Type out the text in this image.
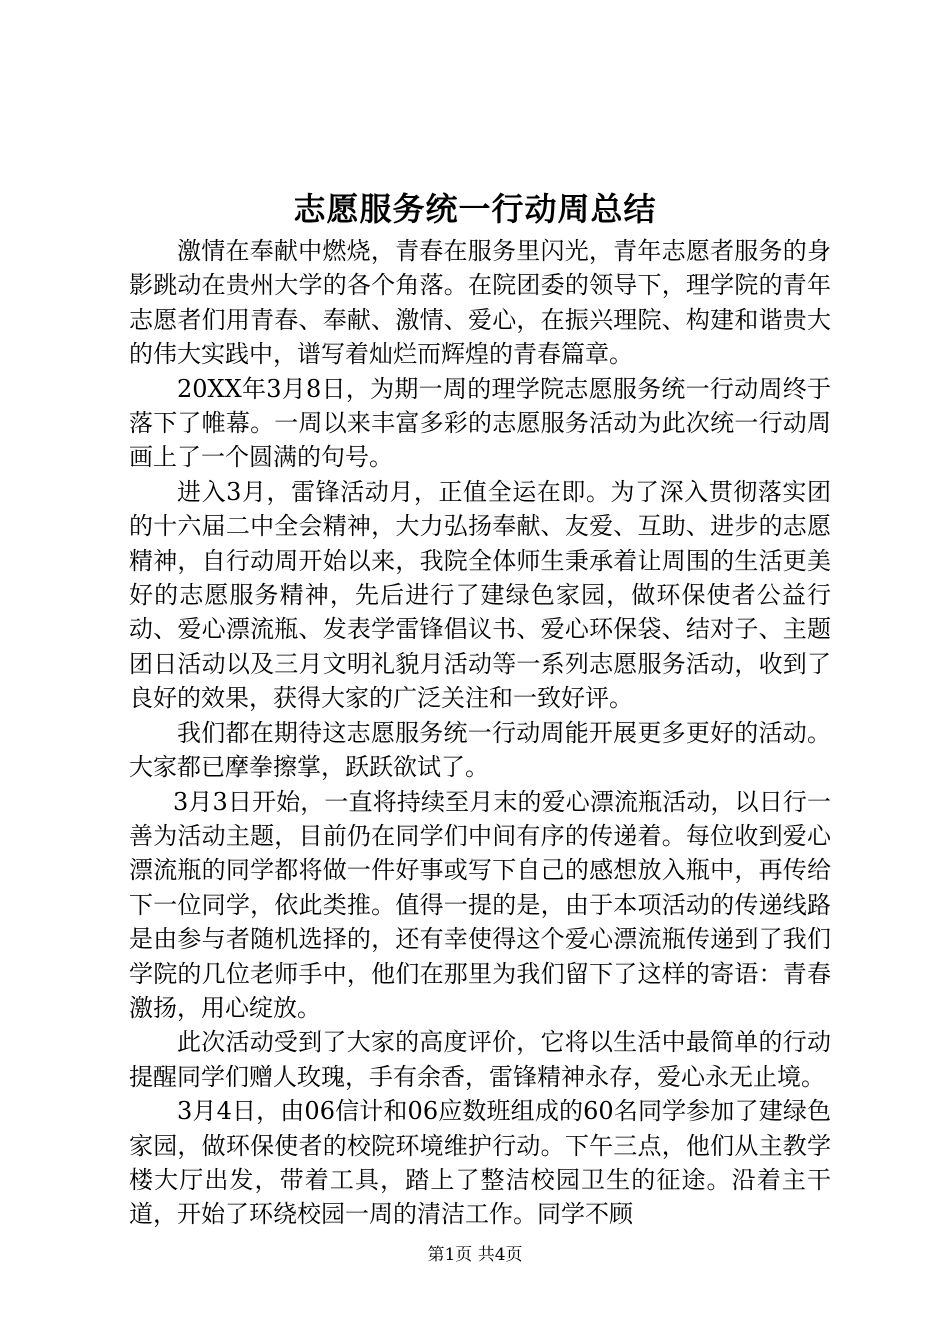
志愿服务统一行动周总结

激情在奉献中燃烧，青春在服务里闪光，青年志愿者服务的身影跳动在贵州大学的各个角落。在院团委的领导下，理学院的青年志愿者们用青春、奉献、激情、爱心，在振兴理院、构建和谐贵大的伟大实践中，谱写着灿烂而辉煌的青春篇章。

20XX年3月8日，为期一周的理学院志愿服务统一行动周终于落下了帷幕。一周以来丰富多彩的志愿服务活动为此次统一行动周画上了一个圆满的句号。

进入3月，雷锋活动月，正值全运在即。为了深入贯彻落实团的十六届二中全会精神，大力弘扬奉献、友爱、互助、进步的志愿精神，自行动周开始以来，我院全体师生秉承着让周围的生活更美好的志愿服务精神，先后进行了建绿色家园，做环保使者公益行动、爱心漂流瓶、发表学雷锋倡议书、爱心环保袋、结对子、主题团日活动以及三月文明礼貌月活动等一系列志愿服务活动，收到了良好的效果，获得大家的广泛关注和一致好评。

我们都在期待这志愿服务统一行动周能开展更多更好的活动。大家都已摩拳擦掌，跃跃欲试了。

3月3日开始，一直将持续至月末的爱心漂流瓶活动，以日行一善为活动主题，目前仍在同学们中间有序的传递着。每位收到爱心漂流瓶的同学都将做一件好事或写下自己的感想放入瓶中，再传给下一位同学，依此类推。值得一提的是，由于本项活动的传递线路是由参与者随机选择的，还有幸使得这个爱心漂流瓶传递到了我们学院的几位老师手中，他们在那里为我们留下了这样的寄语：青春激扬，用心绽放。

此次活动受到了大家的高度评价，它将以生活中最简单的行动提醒同学们赠人玫瑰，手有余香，雷锋精神永存，爱心永无止境。

3月4日，由06信计和06应数班组成的60名同学参加了建绿色家园，做环保使者的校院环境维护行动。下午三点，他们从主教学楼大厅出发，带着工具，踏上了整洁校园卫生的征途。沿着主干道，开始了环绕校园一周的清洁工作。同学不顾

第1页 共4页
